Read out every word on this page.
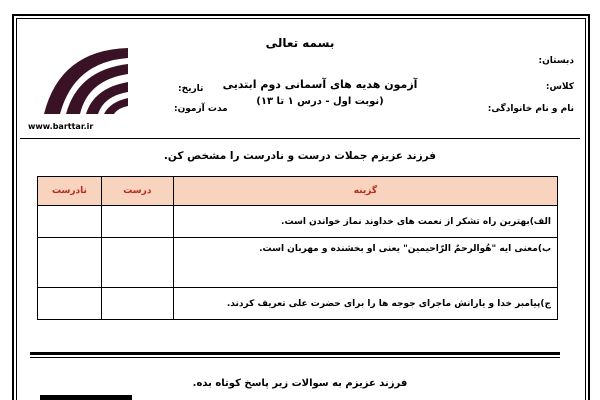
بسمه تعالی
دبستان:
کلاس:
نام و نام خانوادگی:
آزمون هدیه های آسمانی دوم ابتدیی
(نوبت اول - درس ۱ تا ۱۳)
تاریخ:
مدت آزمون:
www.barttar.ir
فرزند عزیزم جملات درست و نادرست را مشخص کن.
نادرست	درست	گزینه
		الف)بهترین راه تشکر از نعمت های خداوند نماز خواندن است.
		ب)معنی ایه "هُوالرحمٌ الرّاحیمین" یعنی او بخشنده و مهربان است.
		ج)پیامبر خدا و یارانش ماجرای جوجه ها را برای حضرت علی تعریف کردند.
فرزند عزیزم به سوالات زیر پاسخ کوتاه بده.
